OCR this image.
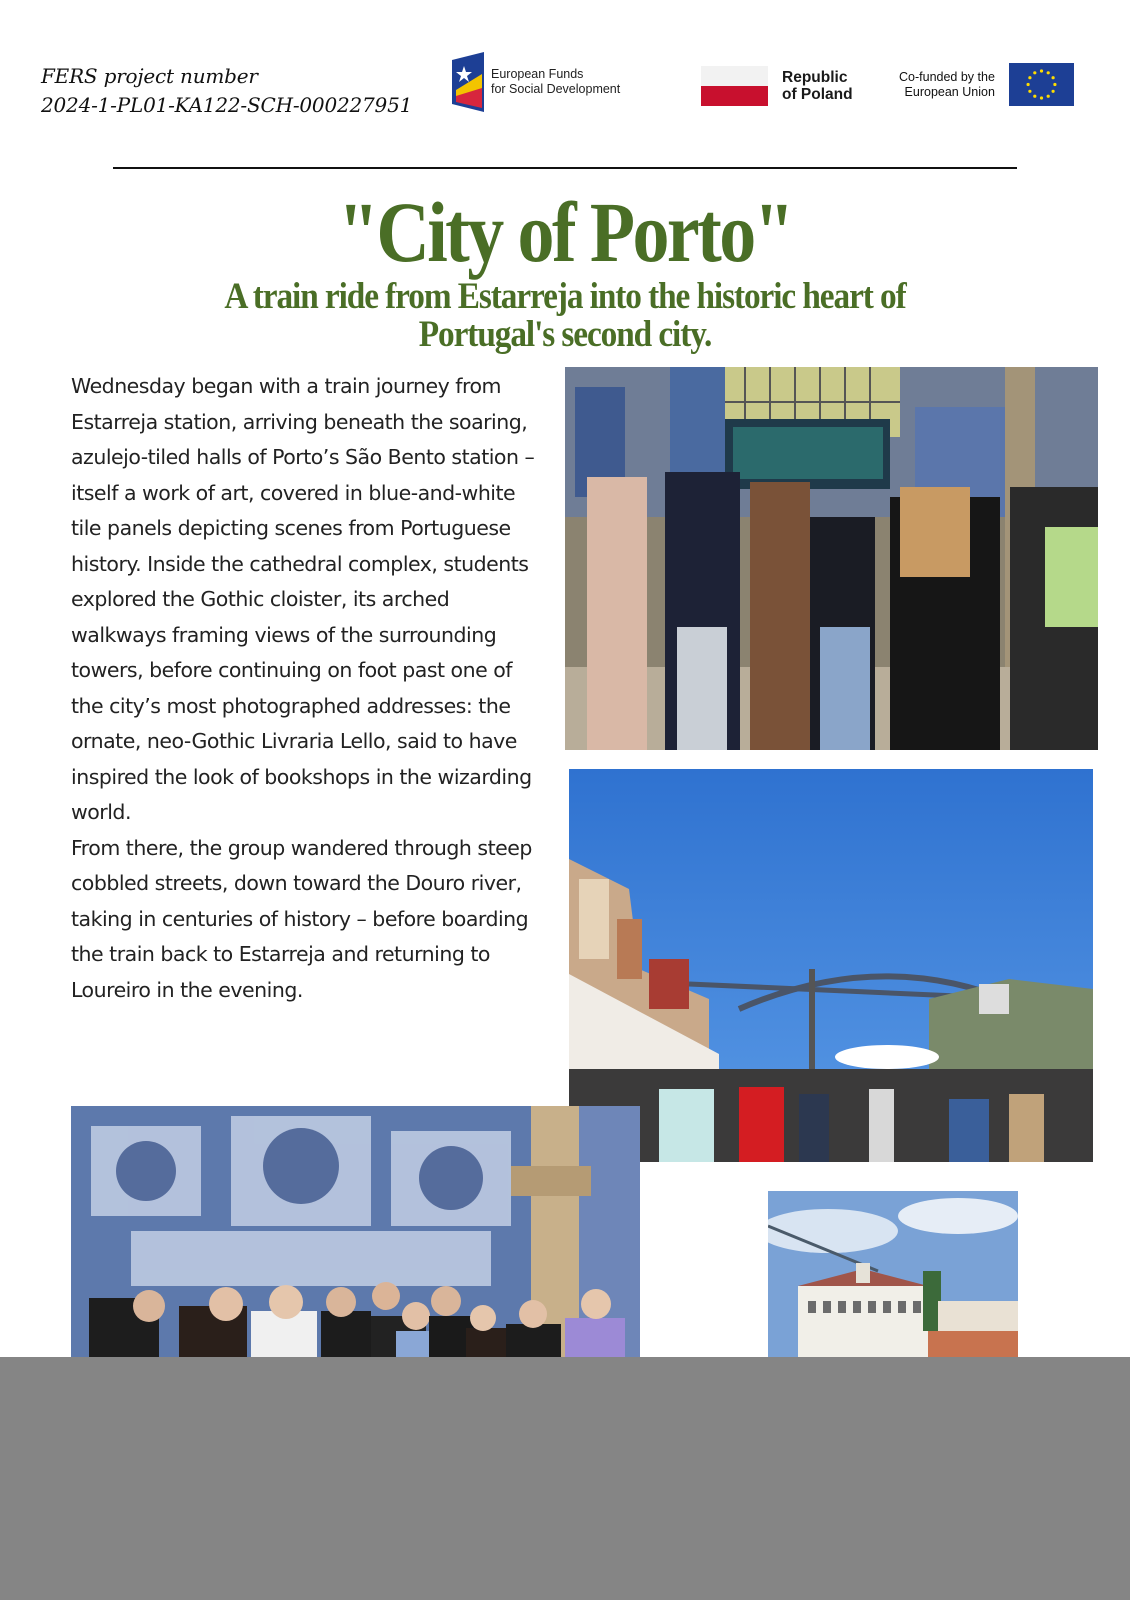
FERS project number
2024-1-PL01-KA122-SCH-000227951
European Funds
for Social Development
Republic
of Poland
Co-funded by the
European Union
"City of Porto"
A train ride from Estarreja into the historic heart of Portugal's second city.

Wednesday began with a train journey from Estarreja station, arriving beneath the soaring, azulejo-tiled halls of Porto’s São Bento station – itself a work of art, covered in blue-and-white tile panels depicting scenes from Portuguese history. Inside the cathedral complex, students explored the Gothic cloister, its arched walkways framing views of the surrounding towers, before continuing on foot past one of the city’s most photographed addresses: the ornate, neo-Gothic Livraria Lello, said to have inspired the look of bookshops in the wizarding world.

From there, the group wandered through steep cobbled streets, down toward the Douro river, taking in centuries of history – before boarding the train back to Estarreja and returning to Loureiro in the evening.
